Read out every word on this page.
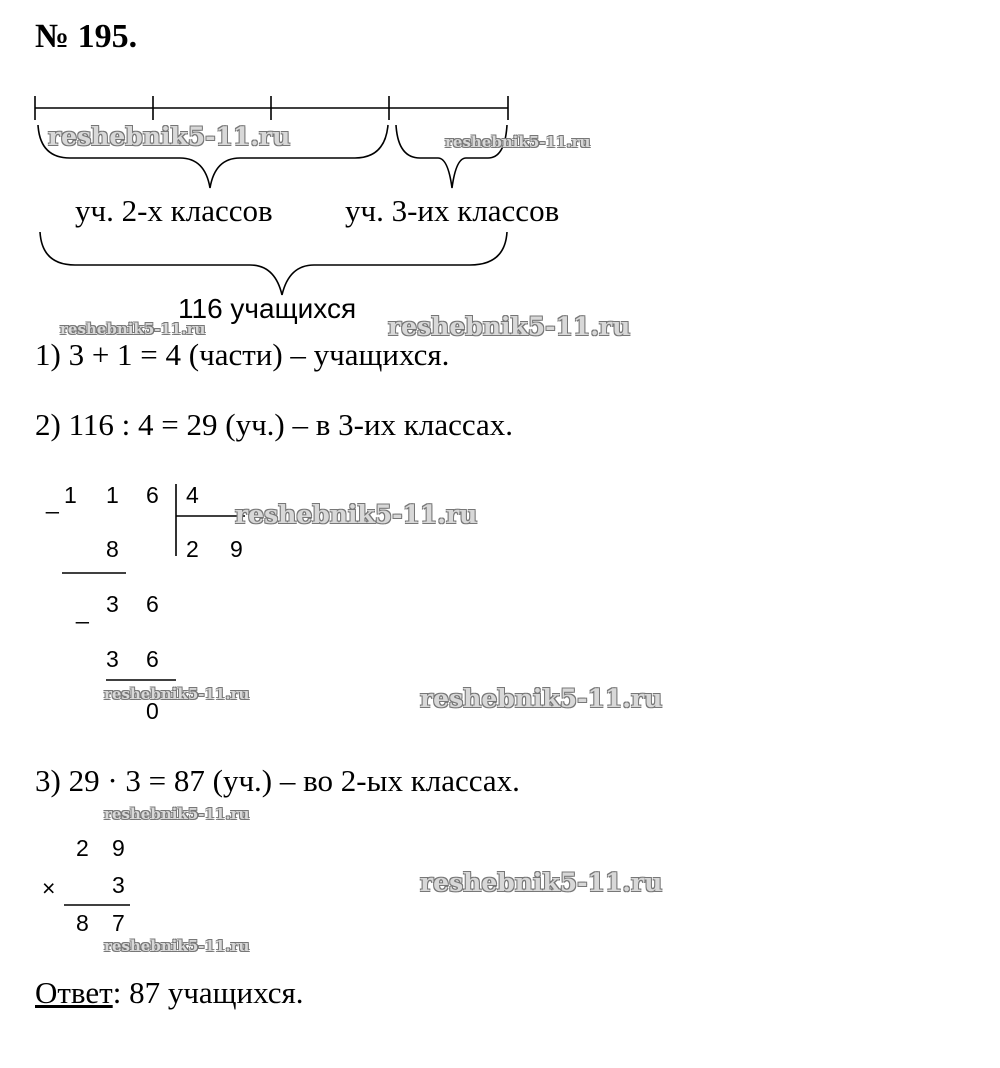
№ 195.
уч. 2-х классов уч. 3-их классов
116 учащихся
1) 3 + 1 = 4 (части) – учащихся.
2) 116 : 4 = 29 (уч.) – в 3-их классах.
_ 1 1 6 4
8	2 9
3 6
_
3 6
0
3) 29 · 3 = 87 (уч.) – во 2-ых классах.
2 9
× 3
8 7
Ответ: 87 учащихся.
reshebnik5-11.ru	reshebnik5-11.ru
reshebnik5-11.ru	reshebnik5-11.ru
reshebnik5-11.ru
reshebnik5-11.ru	reshebnik5-11.ru
reshebnik5-11.ru
reshebnik5-11.ru
reshebnik5-11.ru
